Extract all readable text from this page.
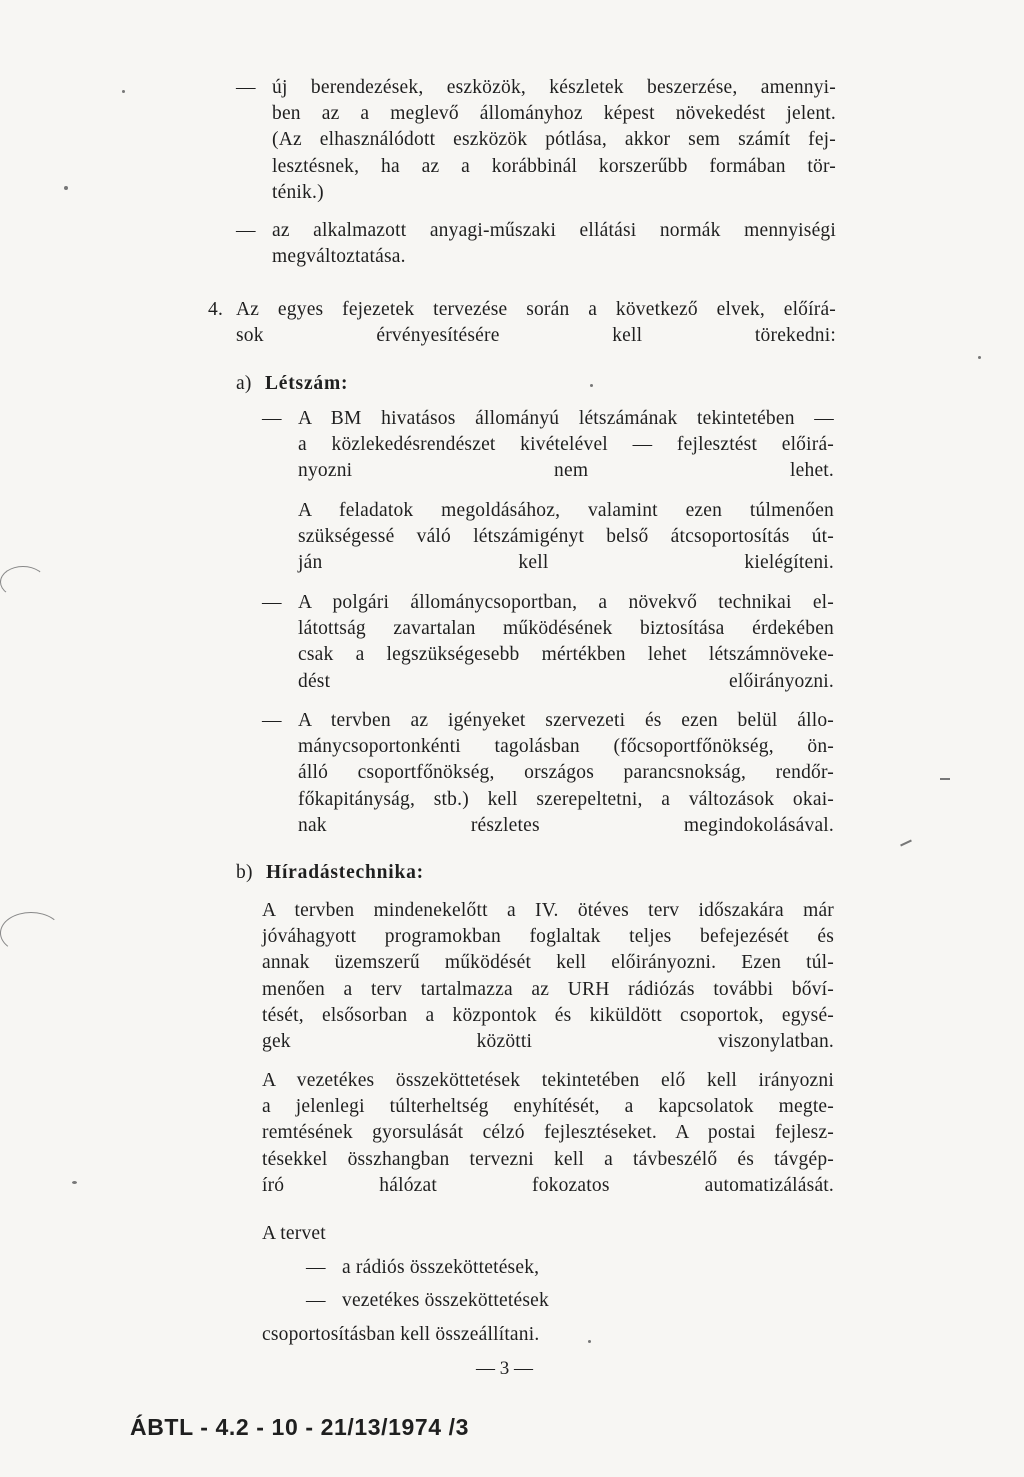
— új berendezések, eszközök, készletek beszerzése, amennyi-
ben az a meglevő állományhoz képest növekedést jelent.
(Az elhasználódott eszközök pótlása, akkor sem számít fej-
lesztésnek, ha az a korábbinál korszerűbb formában tör-
ténik.)
— az alkalmazott anyagi-műszaki ellátási normák mennyiségi
megváltoztatása.
4. Az egyes fejezetek tervezése során a következő elvek, előírá-
sok érvényesítésére kell törekedni:
a) Létszám:
— A BM hivatásos állományú létszámának tekintetében —
a közlekedésrendészet kivételével — fejlesztést előirá-
nyozni nem lehet.
A feladatok megoldásához, valamint ezen túlmenően
szükségessé váló létszámigényt belső átcsoportosítás út-
ján kell kielégíteni.
— A polgári állománycsoportban, a növekvő technikai el-
látottság zavartalan működésének biztosítása érdekében
csak a legszükségesebb mértékben lehet létszámnöveke-
dést előirányozni.
— A tervben az igényeket szervezeti és ezen belül állo-
mánycsoportonkénti tagolásban (főcsoportfőnökség, ön-
álló csoportfőnökség, országos parancsnokság, rendőr-
főkapitányság, stb.) kell szerepeltetni, a változások okai-
nak részletes megindokolásával.
b) Híradástechnika:
A tervben mindenekelőtt a IV. ötéves terv időszakára már
jóváhagyott programokban foglaltak teljes befejezését és
annak üzemszerű működését kell előirányozni. Ezen túl-
menően a terv tartalmazza az URH rádiózás további bőví-
tését, elsősorban a központok és kiküldött csoportok, egysé-
gek közötti viszonylatban.
A vezetékes összeköttetések tekintetében elő kell irányozni
a jelenlegi túlterheltség enyhítését, a kapcsolatok megte-
remtésének gyorsulását célzó fejlesztéseket. A postai fejlesz-
tésekkel összhangban tervezni kell a távbeszélő és távgép-
író hálózat fokozatos automatizálását.
A tervet
— a rádiós összeköttetések,
— vezetékes összeköttetések
csoportosításban kell összeállítani.
— 3 —
ÁBTL - 4.2 - 10 - 21/13/1974 /3
